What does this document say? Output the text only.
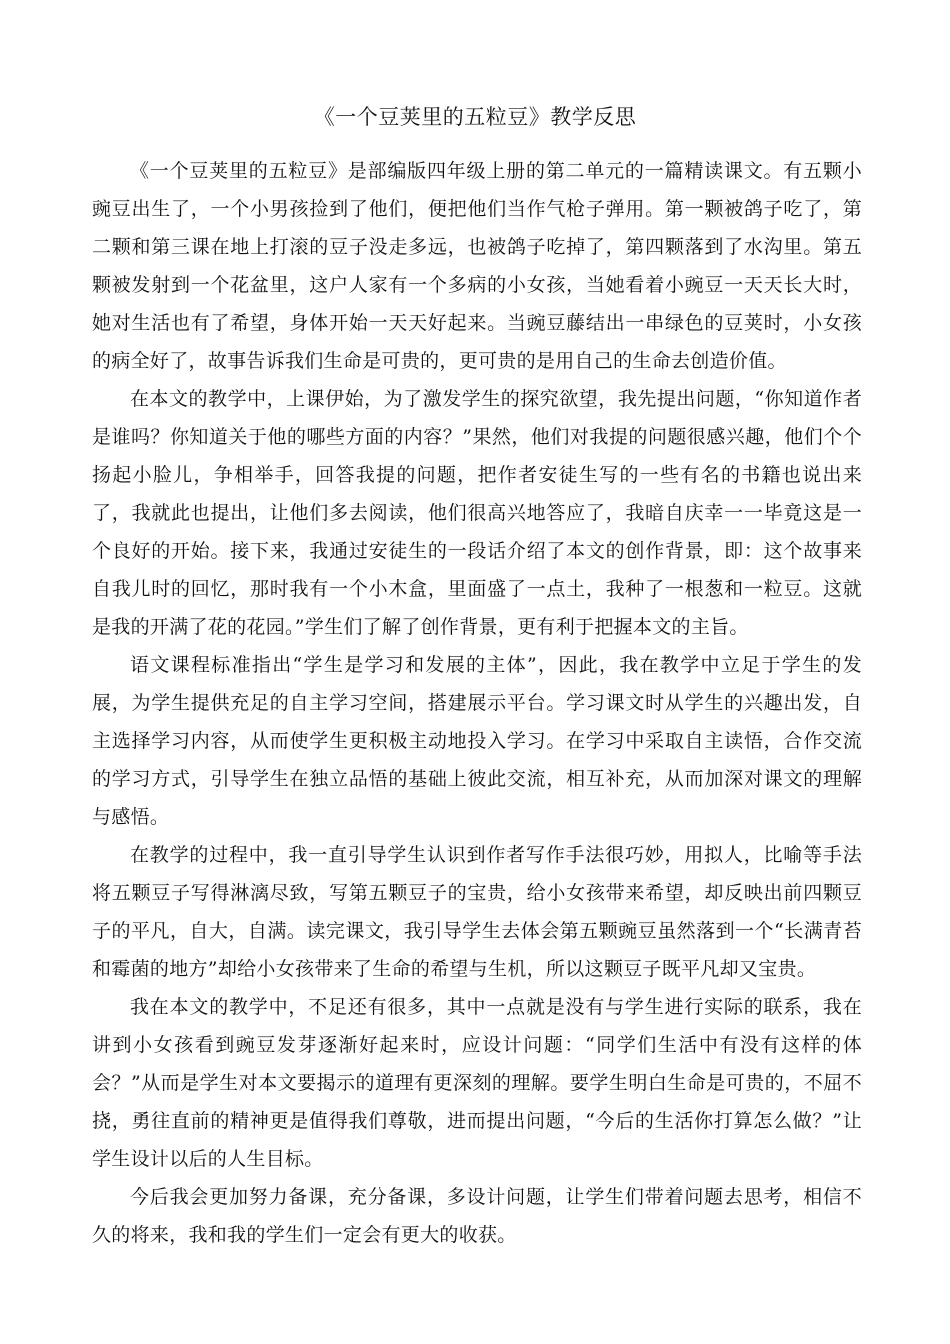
《一个豆荚里的五粒豆》教学反思

《一个豆荚里的五粒豆》是部编版四年级上册的第二单元的一篇精读课文。有五颗小豌豆出生了，一个小男孩捡到了他们，便把他们当作气枪子弹用。第一颗被鸽子吃了，第二颗和第三课在地上打滚的豆子没走多远，也被鸽子吃掉了，第四颗落到了水沟里。第五颗被发射到一个花盆里，这户人家有一个多病的小女孩，当她看着小豌豆一天天长大时，她对生活也有了希望，身体开始一天天好起来。当豌豆藤结出一串绿色的豆荚时，小女孩的病全好了，故事告诉我们生命是可贵的，更可贵的是用自己的生命去创造价值。

在本文的教学中，上课伊始，为了激发学生的探究欲望，我先提出问题，“你知道作者是谁吗？你知道关于他的哪些方面的内容？”果然，他们对我提的问题很感兴趣，他们个个扬起小脸儿，争相举手，回答我提的问题，把作者安徒生写的一些有名的书籍也说出来了，我就此也提出，让他们多去阅读，他们很高兴地答应了，我暗自庆幸一一毕竟这是一个良好的开始。接下来，我通过安徒生的一段话介绍了本文的创作背景，即：这个故事来自我儿时的回忆，那时我有一个小木盒，里面盛了一点土，我种了一根葱和一粒豆。这就是我的开满了花的花园。”学生们了解了创作背景，更有利于把握本文的主旨。

语文课程标准指出“学生是学习和发展的主体”，因此，我在教学中立足于学生的发展，为学生提供充足的自主学习空间，搭建展示平台。学习课文时从学生的兴趣出发，自主选择学习内容，从而使学生更积极主动地投入学习。在学习中采取自主读悟，合作交流的学习方式，引导学生在独立品悟的基础上彼此交流，相互补充，从而加深对课文的理解与感悟。

在教学的过程中，我一直引导学生认识到作者写作手法很巧妙，用拟人，比喻等手法将五颗豆子写得淋漓尽致，写第五颗豆子的宝贵，给小女孩带来希望，却反映出前四颗豆子的平凡，自大，自满。读完课文，我引导学生去体会第五颗豌豆虽然落到一个“长满青苔和霉菌的地方”却给小女孩带来了生命的希望与生机，所以这颗豆子既平凡却又宝贵。

我在本文的教学中，不足还有很多，其中一点就是没有与学生进行实际的联系，我在讲到小女孩看到豌豆发芽逐渐好起来时，应设计问题：“同学们生活中有没有这样的体会？”从而是学生对本文要揭示的道理有更深刻的理解。要学生明白生命是可贵的，不屈不挠，勇往直前的精神更是值得我们尊敬，进而提出问题，“今后的生活你打算怎么做？”让学生设计以后的人生目标。

今后我会更加努力备课，充分备课，多设计问题，让学生们带着问题去思考，相信不久的将来，我和我的学生们一定会有更大的收获。
